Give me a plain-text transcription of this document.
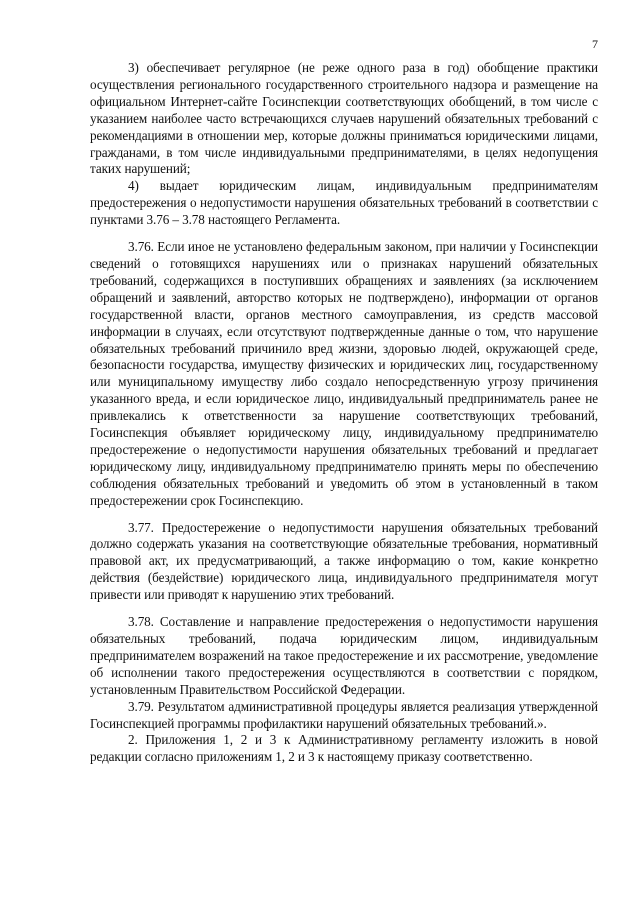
7

3) обеспечивает регулярное (не реже одного раза в год) обобщение практики осуществления регионального государственного строительного надзора и размещение на официальном Интернет-сайте Госинспекции соответствующих обобщений, в том числе с указанием наиболее часто встречающихся случаев нарушений обязательных требований с рекомендациями в отношении мер, которые должны приниматься юридическими лицами, гражданами, в том числе индивидуальными предпринимателями, в целях недопущения таких нарушений;

4) выдает юридическим лицам, индивидуальным предпринимателям предостережения о недопустимости нарушения обязательных требований в соответствии с пунктами 3.76 – 3.78 настоящего Регламента.

3.76. Если иное не установлено федеральным законом, при наличии у Госинспекции сведений о готовящихся нарушениях или о признаках нарушений обязательных требований, содержащихся в поступивших обращениях и заявлениях (за исключением обращений и заявлений, авторство которых не подтверждено), информации от органов государственной власти, органов местного самоуправления, из средств массовой информации в случаях, если отсутствуют подтвержденные данные о том, что нарушение обязательных требований причинило вред жизни, здоровью людей, окружающей среде, безопасности государства, имуществу физических и юридических лиц, государственному или муниципальному имуществу либо создало непосредственную угрозу причинения указанного вреда, и если юридическое лицо, индивидуальный предприниматель ранее не привлекались к ответственности за нарушение соответствующих требований, Госинспекция объявляет юридическому лицу, индивидуальному предпринимателю предостережение о недопустимости нарушения обязательных требований и предлагает юридическому лицу, индивидуальному предпринимателю принять меры по обеспечению соблюдения обязательных требований и уведомить об этом в установленный в таком предостережении срок Госинспекцию.

3.77. Предостережение о недопустимости нарушения обязательных требований должно содержать указания на соответствующие обязательные требования, нормативный правовой акт, их предусматривающий, а также информацию о том, какие конкретно действия (бездействие) юридического лица, индивидуального предпринимателя могут привести или приводят к нарушению этих требований.

3.78. Составление и направление предостережения о недопустимости нарушения обязательных требований, подача юридическим лицом, индивидуальным предпринимателем возражений на такое предостережение и их рассмотрение, уведомление об исполнении такого предостережения осуществляются в соответствии с порядком, установленным Правительством Российской Федерации.

3.79. Результатом административной процедуры является реализация утвержденной Госинспекцией программы профилактики нарушений обязательных требований.».

2. Приложения 1, 2 и 3 к Административному регламенту изложить в новой редакции согласно приложениям 1, 2 и 3 к настоящему приказу соответственно.
